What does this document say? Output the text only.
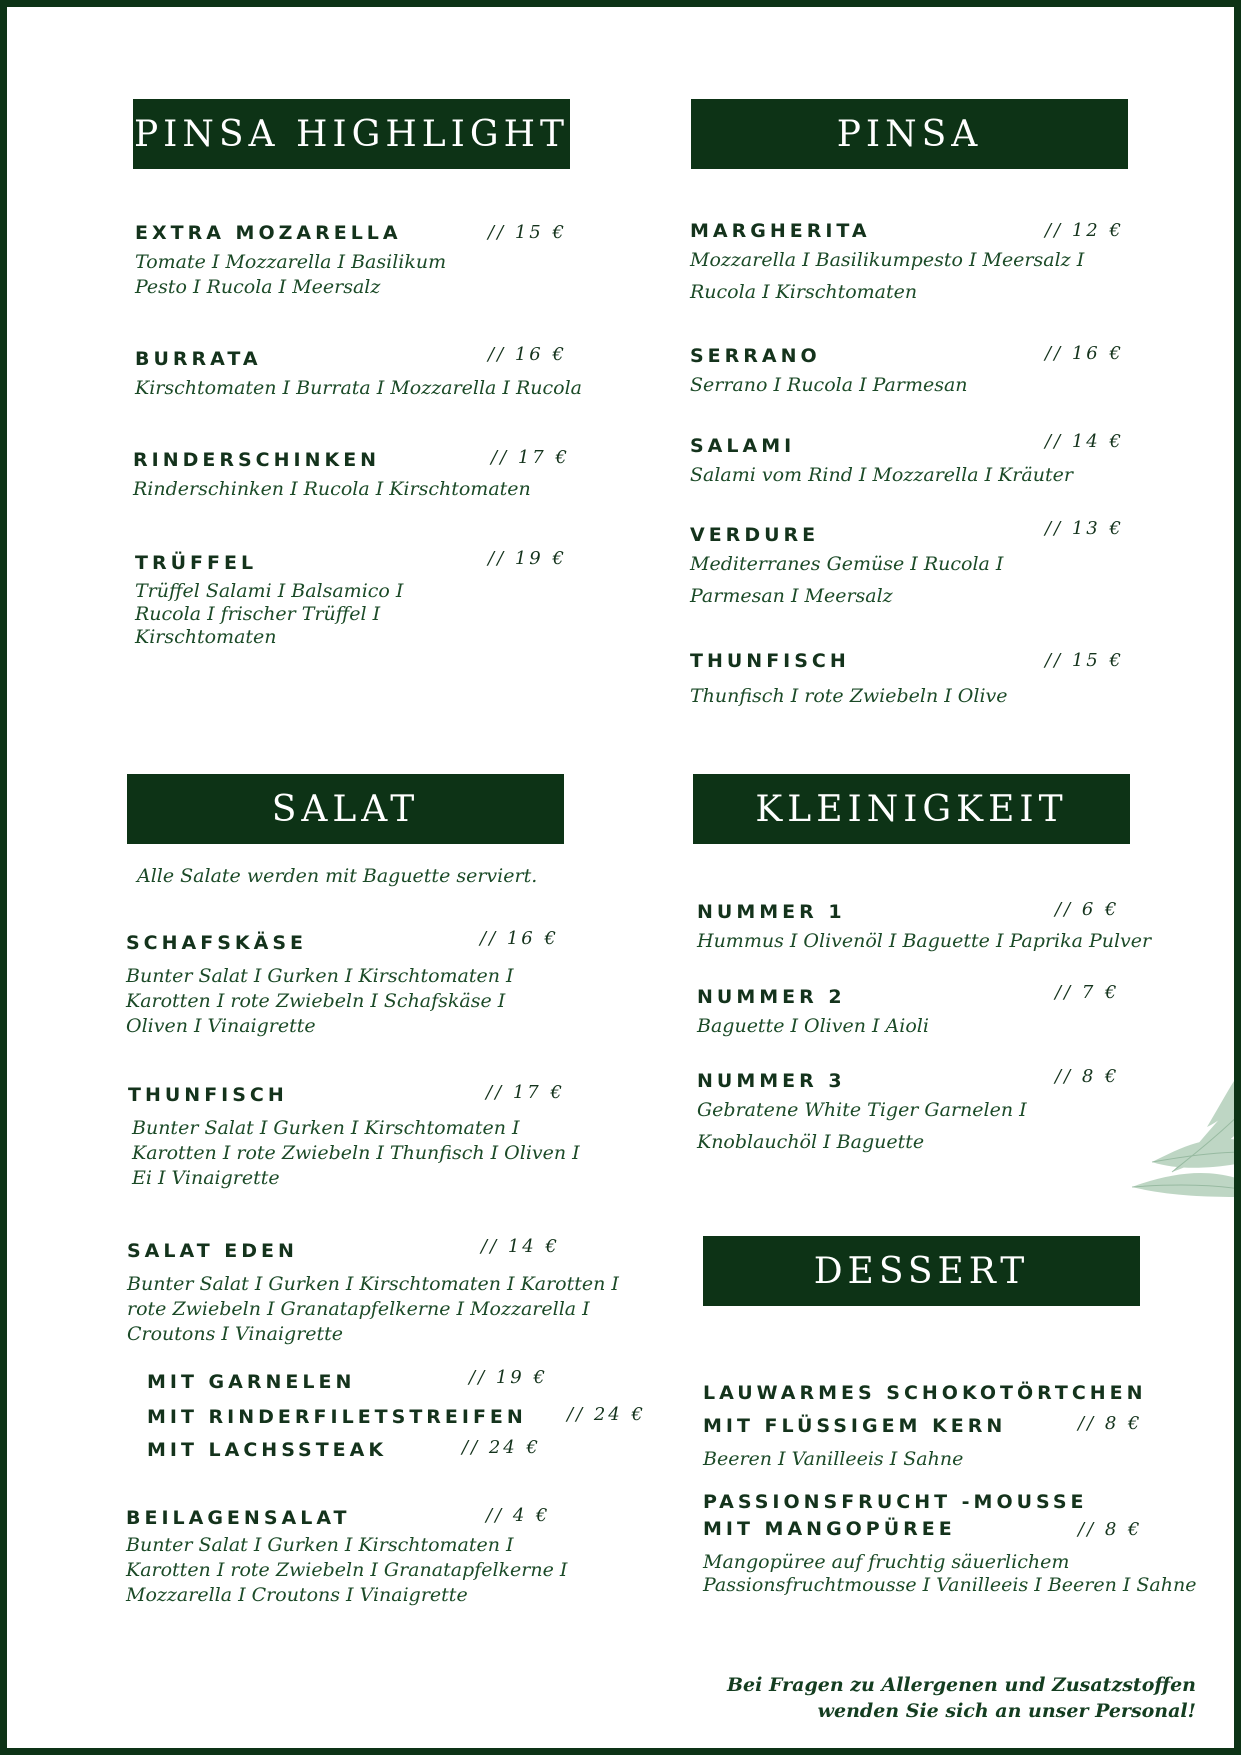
PINSA HIGHLIGHT
EXTRA MOZARELLA	// 15 €
Tomate I Mozzarella I Basilikum
Pesto I Rucola I Meersalz
BURRATA	// 16 €
Kirschtomaten I Burrata I Mozzarella I Rucola
RINDERSCHINKEN	// 17 €
Rinderschinken I Rucola I Kirschtomaten
TRÜFFEL	// 19 €
Trüffel Salami I Balsamico I
Rucola I frischer Trüffel I
Kirschtomaten
PINSA
MARGHERITA	// 12 €
Mozzarella I Basilikumpesto I Meersalz I
Rucola I Kirschtomaten
SERRANO	// 16 €
Serrano I Rucola I Parmesan
SALAMI	// 14 €
Salami vom Rind I Mozzarella I Kräuter
VERDURE	// 13 €
Mediterranes Gemüse I Rucola I
Parmesan I Meersalz
THUNFISCH	// 15 €
Thunfisch I rote Zwiebeln I Olive
SALAT
Alle Salate werden mit Baguette serviert.
SCHAFSKÄSE	// 16 €
Bunter Salat I Gurken I Kirschtomaten I
Karotten I rote Zwiebeln I Schafskäse I
Oliven I Vinaigrette
THUNFISCH	// 17 €
Bunter Salat I Gurken I Kirschtomaten I
Karotten I rote Zwiebeln I Thunfisch I Oliven I
Ei I Vinaigrette
SALAT EDEN	// 14 €
Bunter Salat I Gurken I Kirschtomaten I Karotten I
rote Zwiebeln I Granatapfelkerne I Mozzarella I
Croutons I Vinaigrette
MIT GARNELEN	// 19 €
MIT RINDERFILETSTREIFEN	// 24 €
MIT LACHSSTEAK	// 24 €
BEILAGENSALAT	// 4 €
Bunter Salat I Gurken I Kirschtomaten I
Karotten I rote Zwiebeln I Granatapfelkerne I
Mozzarella I Croutons I Vinaigrette
KLEINIGKEIT
NUMMER 1	// 6 €
Hummus I Olivenöl I Baguette I Paprika Pulver
NUMMER 2	// 7 €
Baguette I Oliven I Aioli
NUMMER 3	// 8 €
Gebratene White Tiger Garnelen I
Knoblauchöl I Baguette
DESSERT
LAUWARMES SCHOKOTÖRTCHEN
MIT FLÜSSIGEM KERN	// 8 €
Beeren I Vanilleeis I Sahne
PASSIONSFRUCHT -MOUSSE
MIT MANGOPÜREE	// 8 €
Mangopüree auf fruchtig säuerlichem
Passionsfruchtmousse I Vanilleeis I Beeren I Sahne
Bei Fragen zu Allergenen und Zusatzstoffen
wenden Sie sich an unser Personal!
